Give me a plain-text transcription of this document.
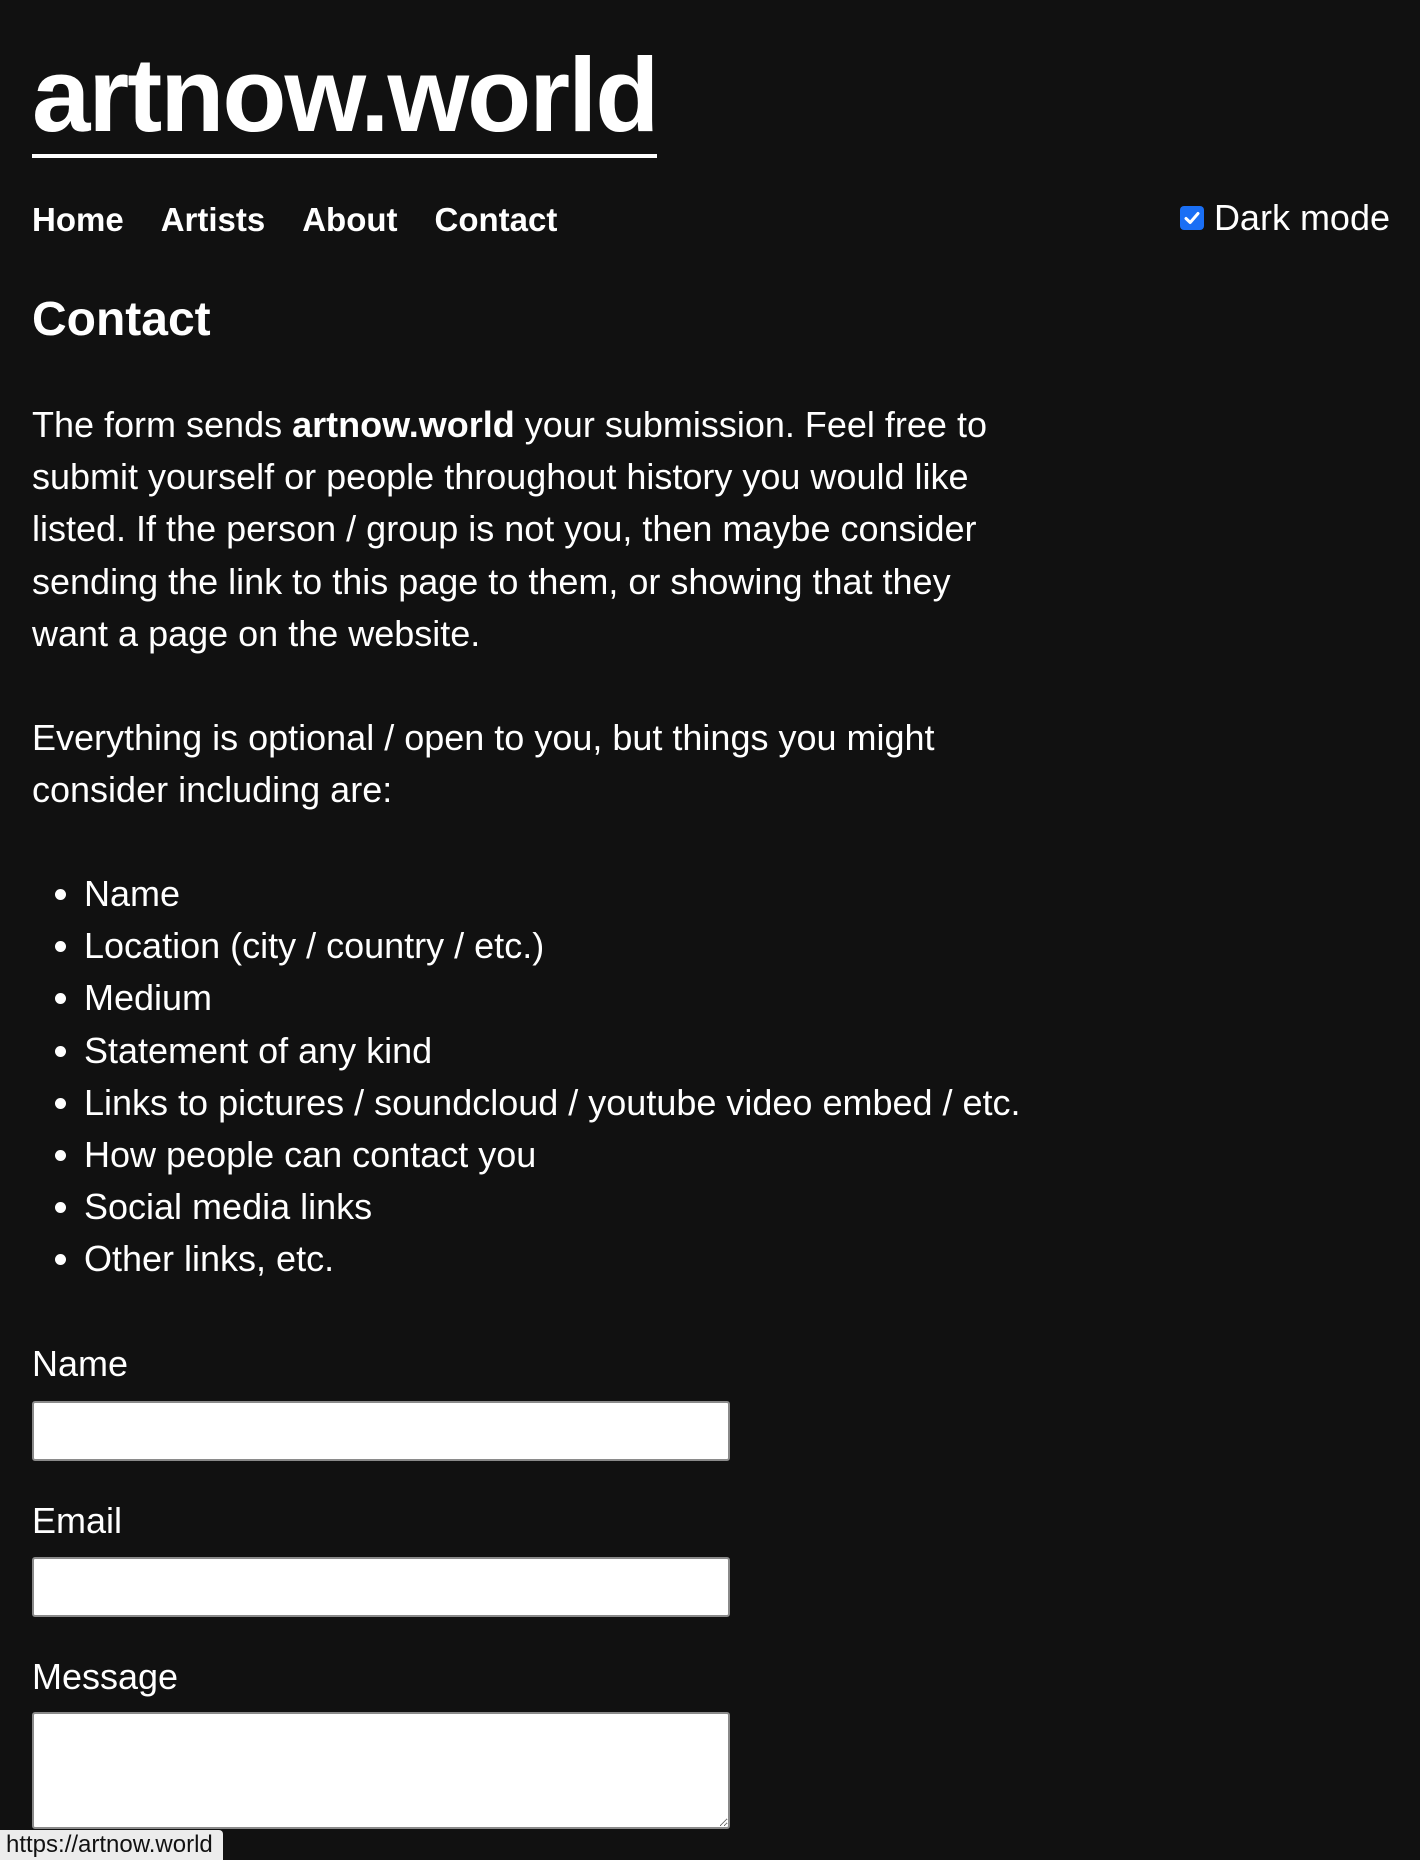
artnow.world
Home Artists About Contact	Dark mode
Contact

The form sends artnow.world your submission. Feel free to submit yourself or people throughout history you would like listed. If the person / group is not you, then maybe consider sending the link to this page to them, or showing that they want a page on the website.

Everything is optional / open to you, but things you might consider including are:

• Name
• Location (city / country / etc.)
• Medium
• Statement of any kind
• Links to pictures / soundcloud / youtube video embed / etc.
• How people can contact you
• Social media links
• Other links, etc.
Name
Email
Message
https://artnow.world
